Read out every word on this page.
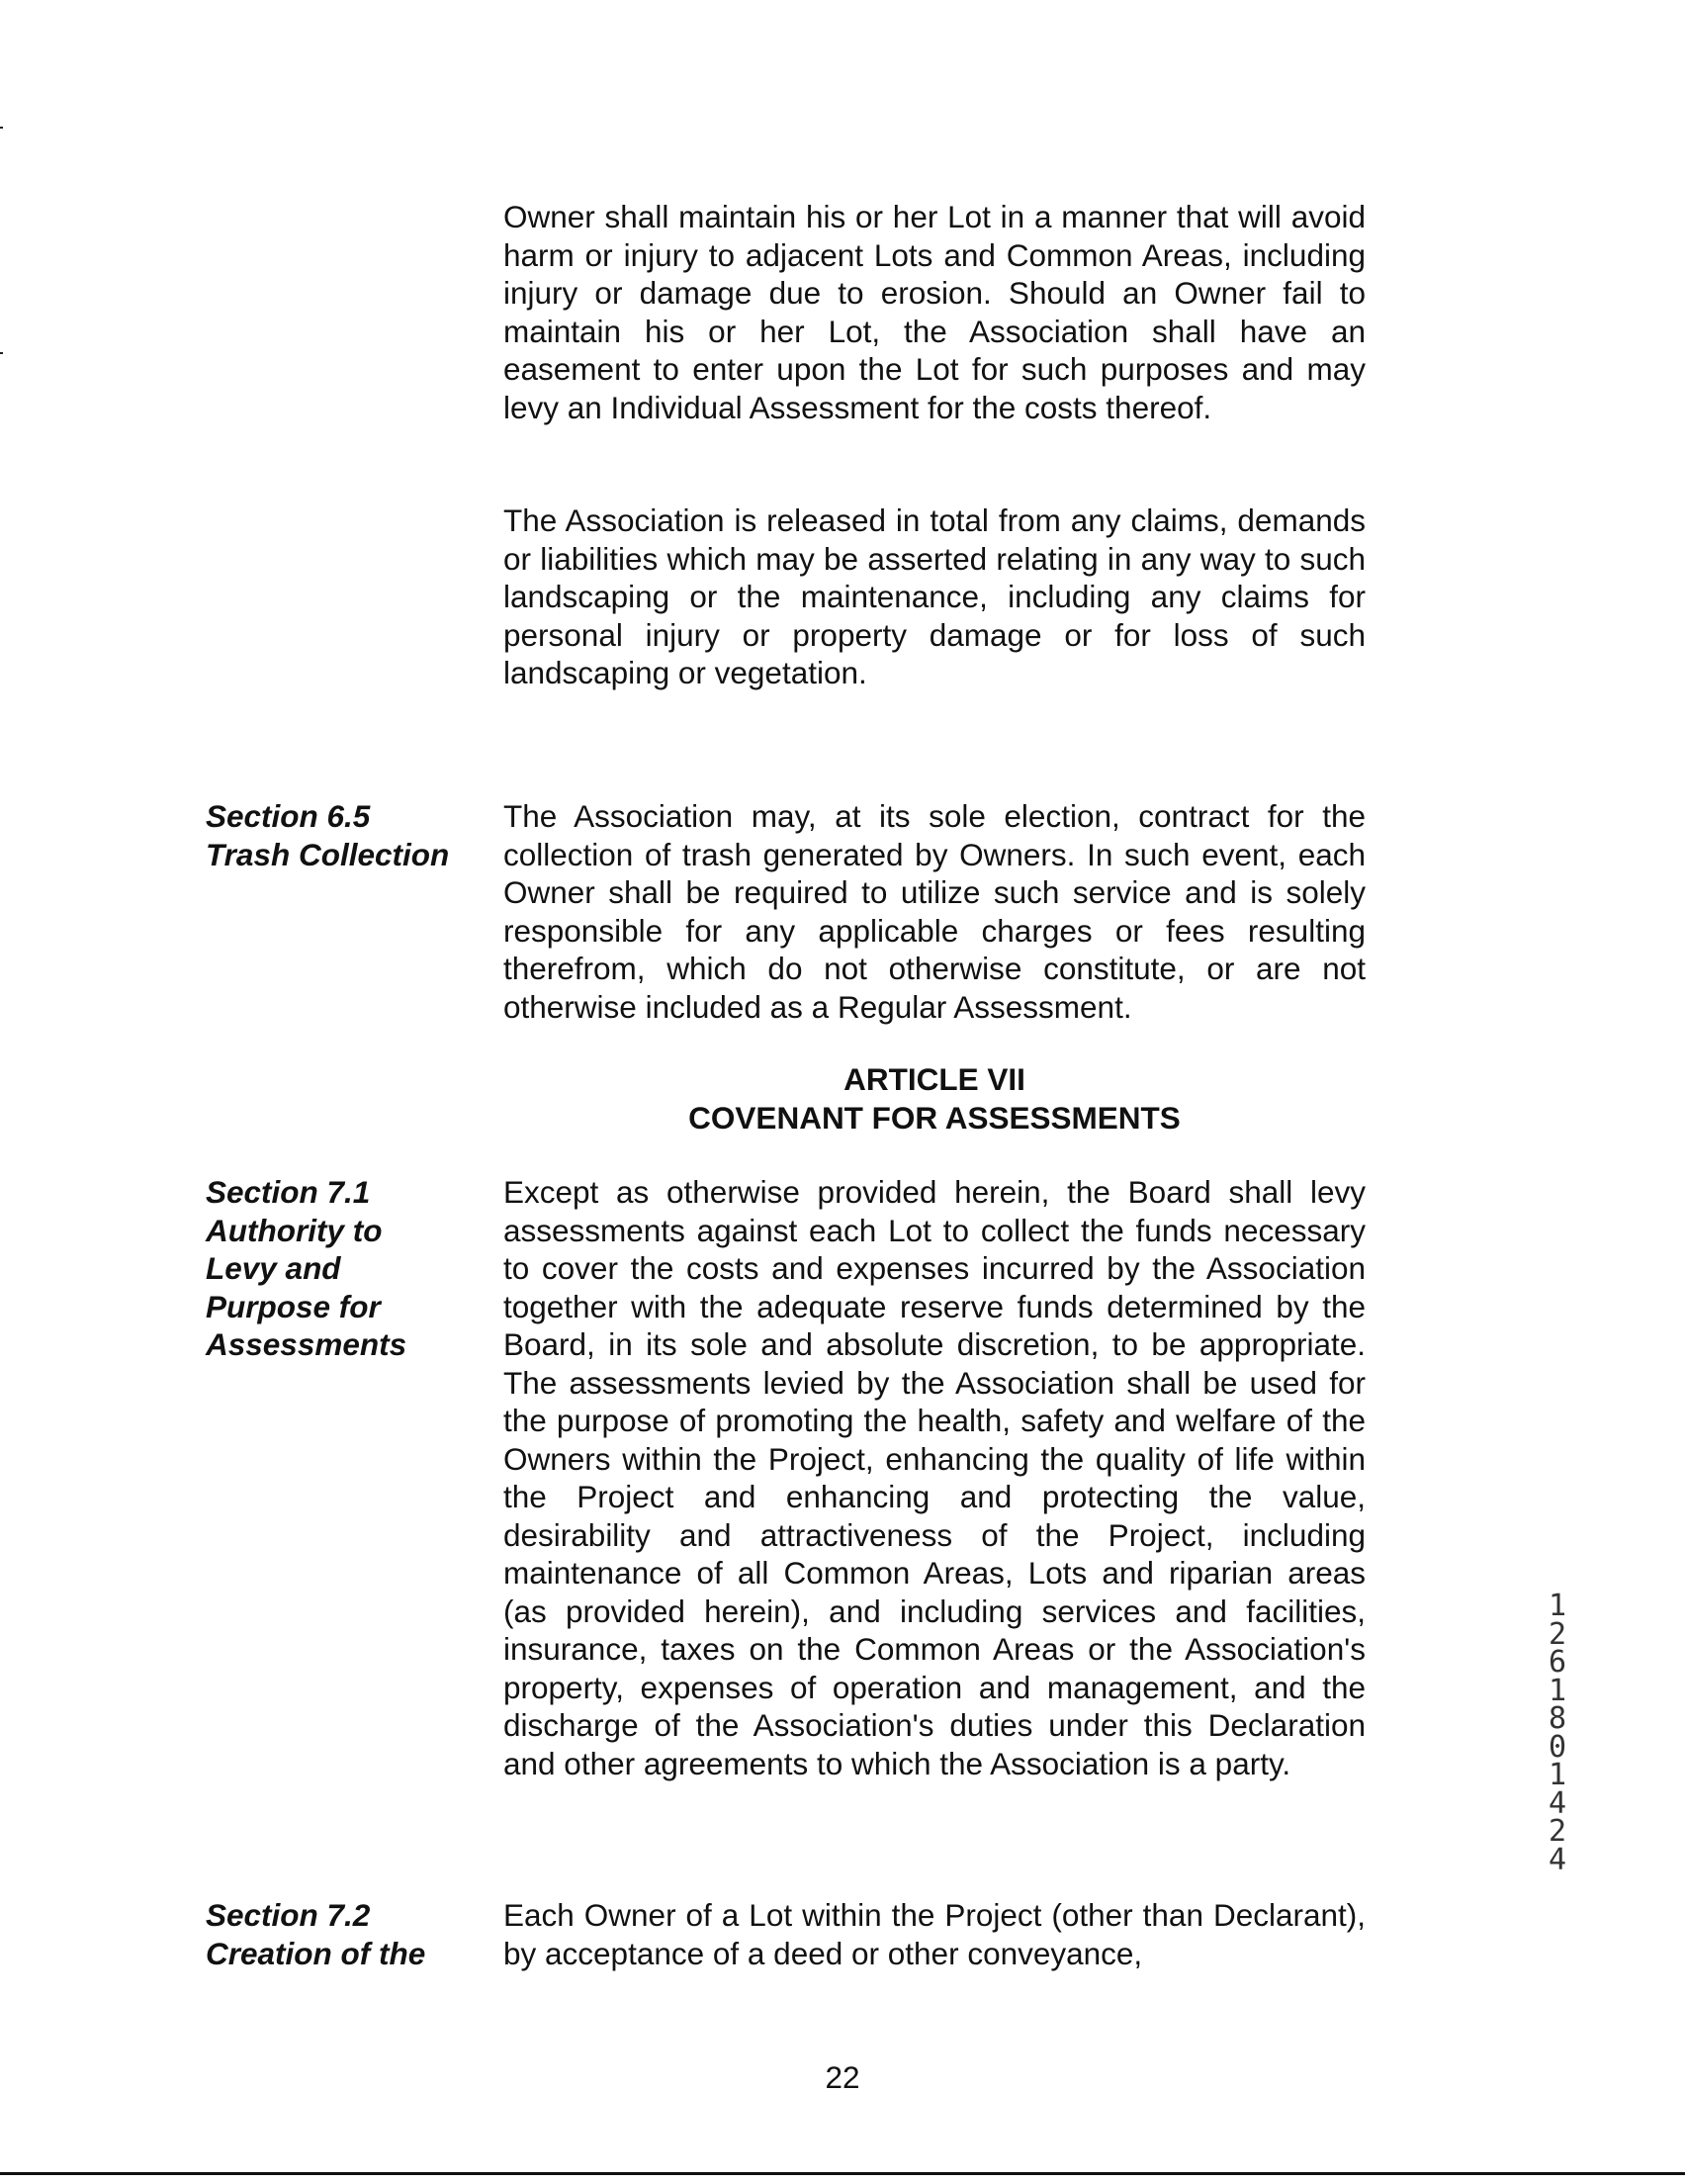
Owner shall maintain his or her Lot in a manner that will avoid harm or injury to adjacent Lots and Common Areas, including injury or damage due to erosion. Should an Owner fail to maintain his or her Lot, the Association shall have an easement to enter upon the Lot for such purposes and may levy an Individual Assessment for the costs thereof.
The Association is released in total from any claims, demands or liabilities which may be asserted relating in any way to such landscaping or the maintenance, including any claims for personal injury or property damage or for loss of such landscaping or vegetation.
Section 6.5
Trash Collection
The Association may, at its sole election, contract for the collection of trash generated by Owners. In such event, each Owner shall be required to utilize such service and is solely responsible for any applicable charges or fees resulting therefrom, which do not otherwise constitute, or are not otherwise included as a Regular Assessment.
ARTICLE VII
COVENANT FOR ASSESSMENTS
Section 7.1
Authority to
Levy and
Purpose for
Assessments
Except as otherwise provided herein, the Board shall levy assessments against each Lot to collect the funds necessary to cover the costs and expenses incurred by the Association together with the adequate reserve funds determined by the Board, in its sole and absolute discretion, to be appropriate. The assessments levied by the Association shall be used for the purpose of promoting the health, safety and welfare of the Owners within the Project, enhancing the quality of life within the Project and enhancing and protecting the value, desirability and attractiveness of the Project, including maintenance of all Common Areas, Lots and riparian areas (as provided herein), and including services and facilities, insurance, taxes on the Common Areas or the Association's property, expenses of operation and management, and the discharge of the Association's duties under this Declaration and other agreements to which the Association is a party.
Section 7.2
Creation of the
Each Owner of a Lot within the Project (other than Declarant), by acceptance of a deed or other conveyance,
12618 01424
22
